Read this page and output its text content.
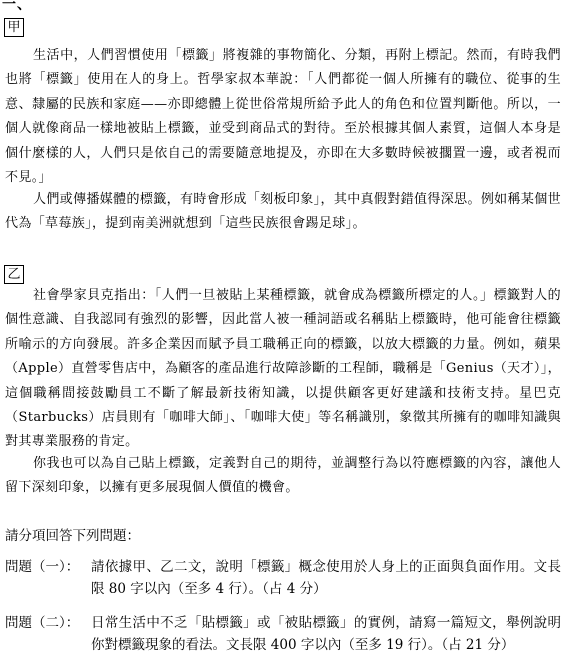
一、
甲

生活中，人們習慣使用「標籤」將複雜的事物簡化、分類，再附上標記。然而，有時我們也將「標籤」使用在人的身上。哲學家叔本華說：「人們都從一個人所擁有的職位、從事的生意、隸屬的民族和家庭——亦即總體上從世俗常規所給予此人的角色和位置判斷他。所以，一個人就像商品一樣地被貼上標籤，並受到商品式的對待。至於根據其個人素質，這個人本身是個什麼樣的人，人們只是依自己的需要隨意地提及，亦即在大多數時候被擱置一邊，或者視而不見。」

人們或傳播媒體的標籤，有時會形成「刻板印象」，其中真假對錯值得深思。例如稱某個世代為「草莓族」，提到南美洲就想到「這些民族很會踢足球」。

乙

社會學家貝克指出：「人們一旦被貼上某種標籤，就會成為標籤所標定的人。」標籤對人的個性意識、自我認同有強烈的影響，因此當人被一種詞語或名稱貼上標籤時，他可能會往標籤所喻示的方向發展。許多企業因而賦予員工職稱正向的標籤，以放大標籤的力量。例如，蘋果（Apple）直營零售店中，為顧客的產品進行故障診斷的工程師，職稱是「Genius（天才）」，這個職稱間接鼓勵員工不斷了解最新技術知識，以提供顧客更好建議和技術支持。星巴克（Starbucks）店員則有「咖啡大師」、「咖啡大使」等名稱識別，象徵其所擁有的咖啡知識與對其專業服務的肯定。

你我也可以為自己貼上標籤，定義對自己的期待，並調整行為以符應標籤的內容，讓他人留下深刻印象，以擁有更多展現個人價值的機會。

請分項回答下列問題：
問題（一）： 請依據甲、乙二文，說明「標籤」概念使用於人身上的正面與負面作用。文長限 80 字以內（至多 4 行）。（占 4 分）
問題（二）： 日常生活中不乏「貼標籤」或「被貼標籤」的實例，請寫一篇短文，舉例說明你對標籤現象的看法。文長限 400 字以內（至多 19 行）。（占 21 分）
